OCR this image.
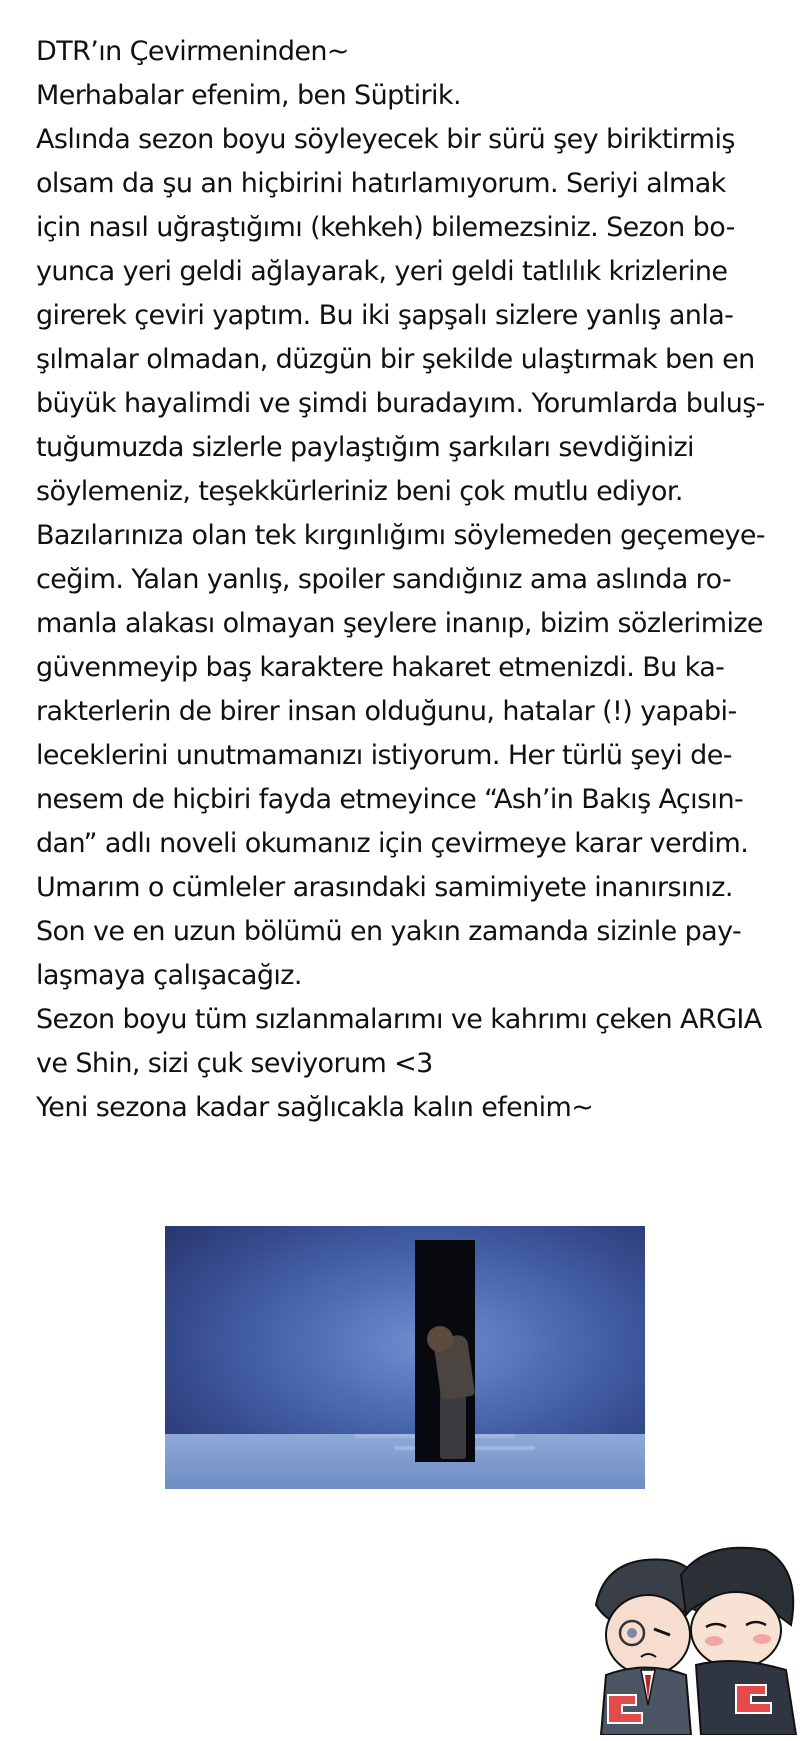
DTR’ın Çevirmeninden~
Merhabalar efenim, ben Süptirik.
Aslında sezon boyu söyleyecek bir sürü şey biriktirmiş
olsam da şu an hiçbirini hatırlamıyorum. Seriyi almak
için nasıl uğraştığımı (kehkeh) bilemezsiniz. Sezon bo-
yunca yeri geldi ağlayarak, yeri geldi tatlılık krizlerine
girerek çeviri yaptım. Bu iki şapşalı sizlere yanlış anla-
şılmalar olmadan, düzgün bir şekilde ulaştırmak ben en
büyük hayalimdi ve şimdi buradayım. Yorumlarda buluş-
tuğumuzda sizlerle paylaştığım şarkıları sevdiğinizi
söylemeniz, teşekkürleriniz beni çok mutlu ediyor.
Bazılarınıza olan tek kırgınlığımı söylemeden geçemeye-
ceğim. Yalan yanlış, spoiler sandığınız ama aslında ro-
manla alakası olmayan şeylere inanıp, bizim sözlerimize
güvenmeyip baş karaktere hakaret etmenizdi. Bu ka-
rakterlerin de birer insan olduğunu, hatalar (!) yapabi-
leceklerini unutmamanızı istiyorum. Her türlü şeyi de-
nesem de hiçbiri fayda etmeyince “Ash’in Bakış Açısın-
dan” adlı noveli okumanız için çevirmeye karar verdim.
Umarım o cümleler arasındaki samimiyete inanırsınız.
Son ve en uzun bölümü en yakın zamanda sizinle pay-
laşmaya çalışacağız.
Sezon boyu tüm sızlanmalarımı ve kahrımı çeken ARGIA
ve Shin, sizi çuk seviyorum <3
Yeni sezona kadar sağlıcakla kalın efenim~
